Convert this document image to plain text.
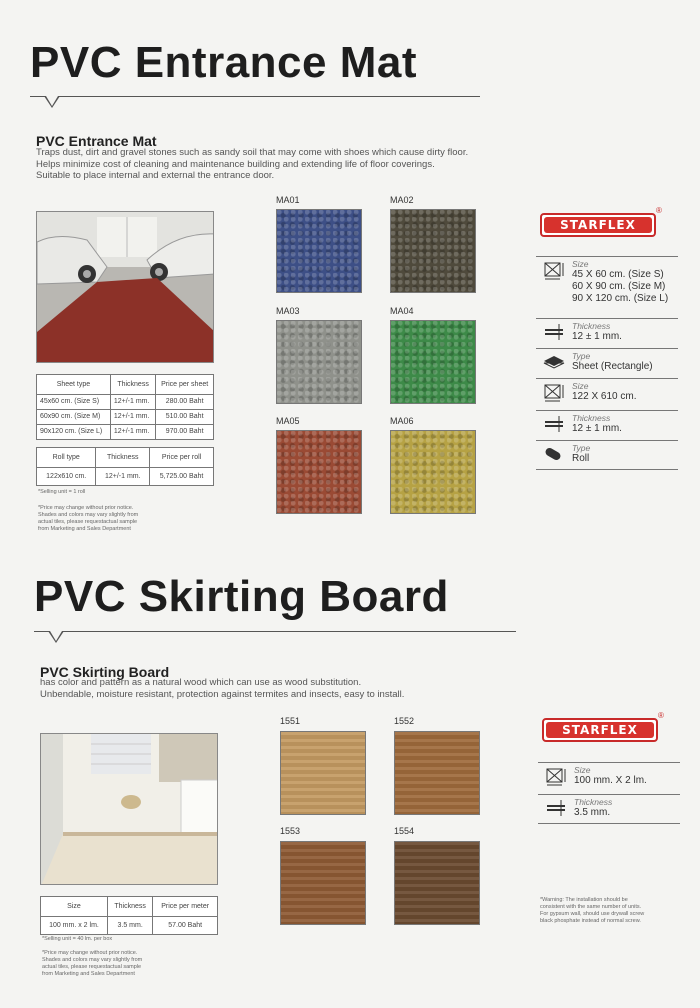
PVC Entrance Mat
PVC Entrance Mat
Traps dust, dirt and gravel stones such as sandy soil that may come with shoes which cause dirty floor.
Helps minimize cost of cleaning and maintenance building and extending life of floor coverings.
Suitable to place internal and external the entrance door.
Sheet type	Thickness	Price per sheet
45x60 cm. (Size S)	12+/-1 mm.	280.00 Baht
60x90 cm. (Size M)	12+/-1 mm.	510.00 Baht
90x120 cm. (Size L)	12+/-1 mm.	970.00 Baht
Roll type	Thickness	Price per roll
122x610 cm.	12+/-1 mm.	5,725.00 Baht
*Selling unit = 1 roll
*Price may change without prior notice.
Shades and colors may vary slightly from
actual tiles, please requestactual sample
from Marketing and Sales Department
MA01	MA02
MA03	MA04
MA05	MA06
STARFLEX
®
Size
45 X 60 cm. (Size S)
60 X 90 cm. (Size M)
90 X 120 cm. (Size L)
Thickness
12 ± 1 mm.
Type
Sheet (Rectangle)
Size
122 X 610 cm.
Thickness
12 ± 1 mm.
Type
Roll
PVC Skirting Board
PVC Skirting Board
has color and pattern as a natural wood which can use as wood substitution.
Unbendable, moisture resistant, protection against termites and insects, easy to install.
Size	Thickness	Price per meter
100 mm. x 2 lm.	3.5 mm.	57.00 Baht
*Selling unit = 40 lm. per box
*Price may change without prior notice.
Shades and colors may vary slightly from
actual tiles, please requestactual sample
from Marketing and Sales Department
1551	1552
1553	1554
STARFLEX
®
Size
100 mm. X 2 lm.
Thickness
3.5 mm.
*Warning: The installation should be
consistent with the same number of units.
For gypsum wall, should use drywall screw
black phosphate instead of normal screw.
